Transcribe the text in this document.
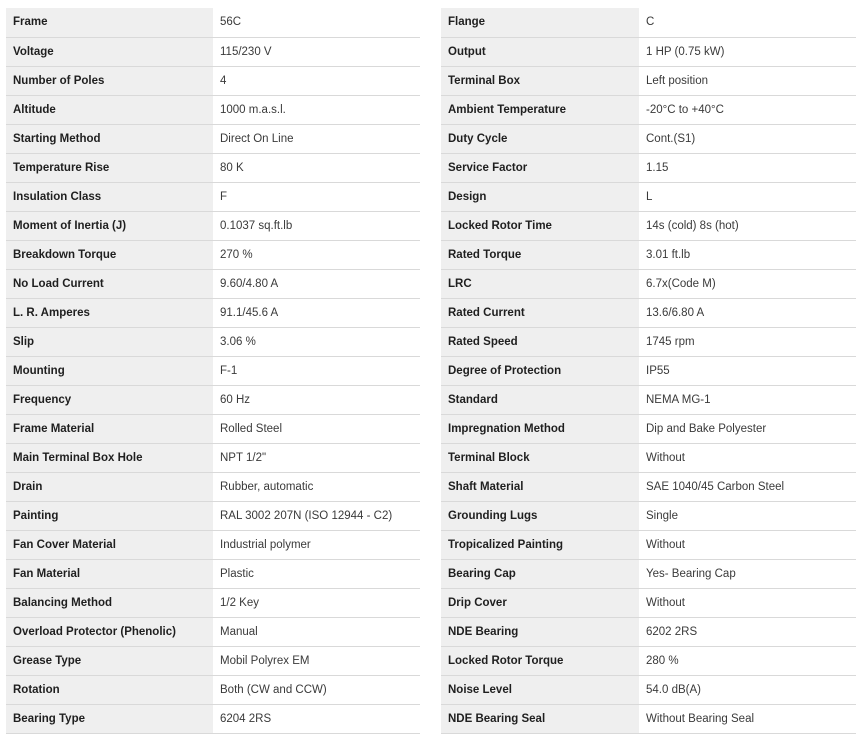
Frame	56C
Voltage	115/230 V
Number of Poles	4
Altitude	1000 m.a.s.l.
Starting Method	Direct On Line
Temperature Rise	80 K
Insulation Class	F
Moment of Inertia (J)	0.1037 sq.ft.lb
Breakdown Torque	270 %
No Load Current	9.60/4.80 A
L. R. Amperes	91.1/45.6 A
Slip	3.06 %
Mounting	F-1
Frequency	60 Hz
Frame Material	Rolled Steel
Main Terminal Box Hole	NPT 1/2"
Drain	Rubber, automatic
Painting	RAL 3002 207N (ISO 12944 - C2)
Fan Cover Material	Industrial polymer
Fan Material	Plastic
Balancing Method	1/2 Key
Overload Protector (Phenolic)	Manual
Grease Type	Mobil Polyrex EM
Rotation	Both (CW and CCW)
Bearing Type	6204 2RS
Flange	C
Output	1 HP (0.75 kW)
Terminal Box	Left position
Ambient Temperature	-20°C to +40°C
Duty Cycle	Cont.(S1)
Service Factor	1.15
Design	L
Locked Rotor Time	14s (cold) 8s (hot)
Rated Torque	3.01 ft.lb
LRC	6.7x(Code M)
Rated Current	13.6/6.80 A
Rated Speed	1745 rpm
Degree of Protection	IP55
Standard	NEMA MG-1
Impregnation Method	Dip and Bake Polyester
Terminal Block	Without
Shaft Material	SAE 1040/45 Carbon Steel
Grounding Lugs	Single
Tropicalized Painting	Without
Bearing Cap	Yes- Bearing Cap
Drip Cover	Without
NDE Bearing	6202 2RS
Locked Rotor Torque	280 %
Noise Level	54.0 dB(A)
NDE Bearing Seal	Without Bearing Seal
